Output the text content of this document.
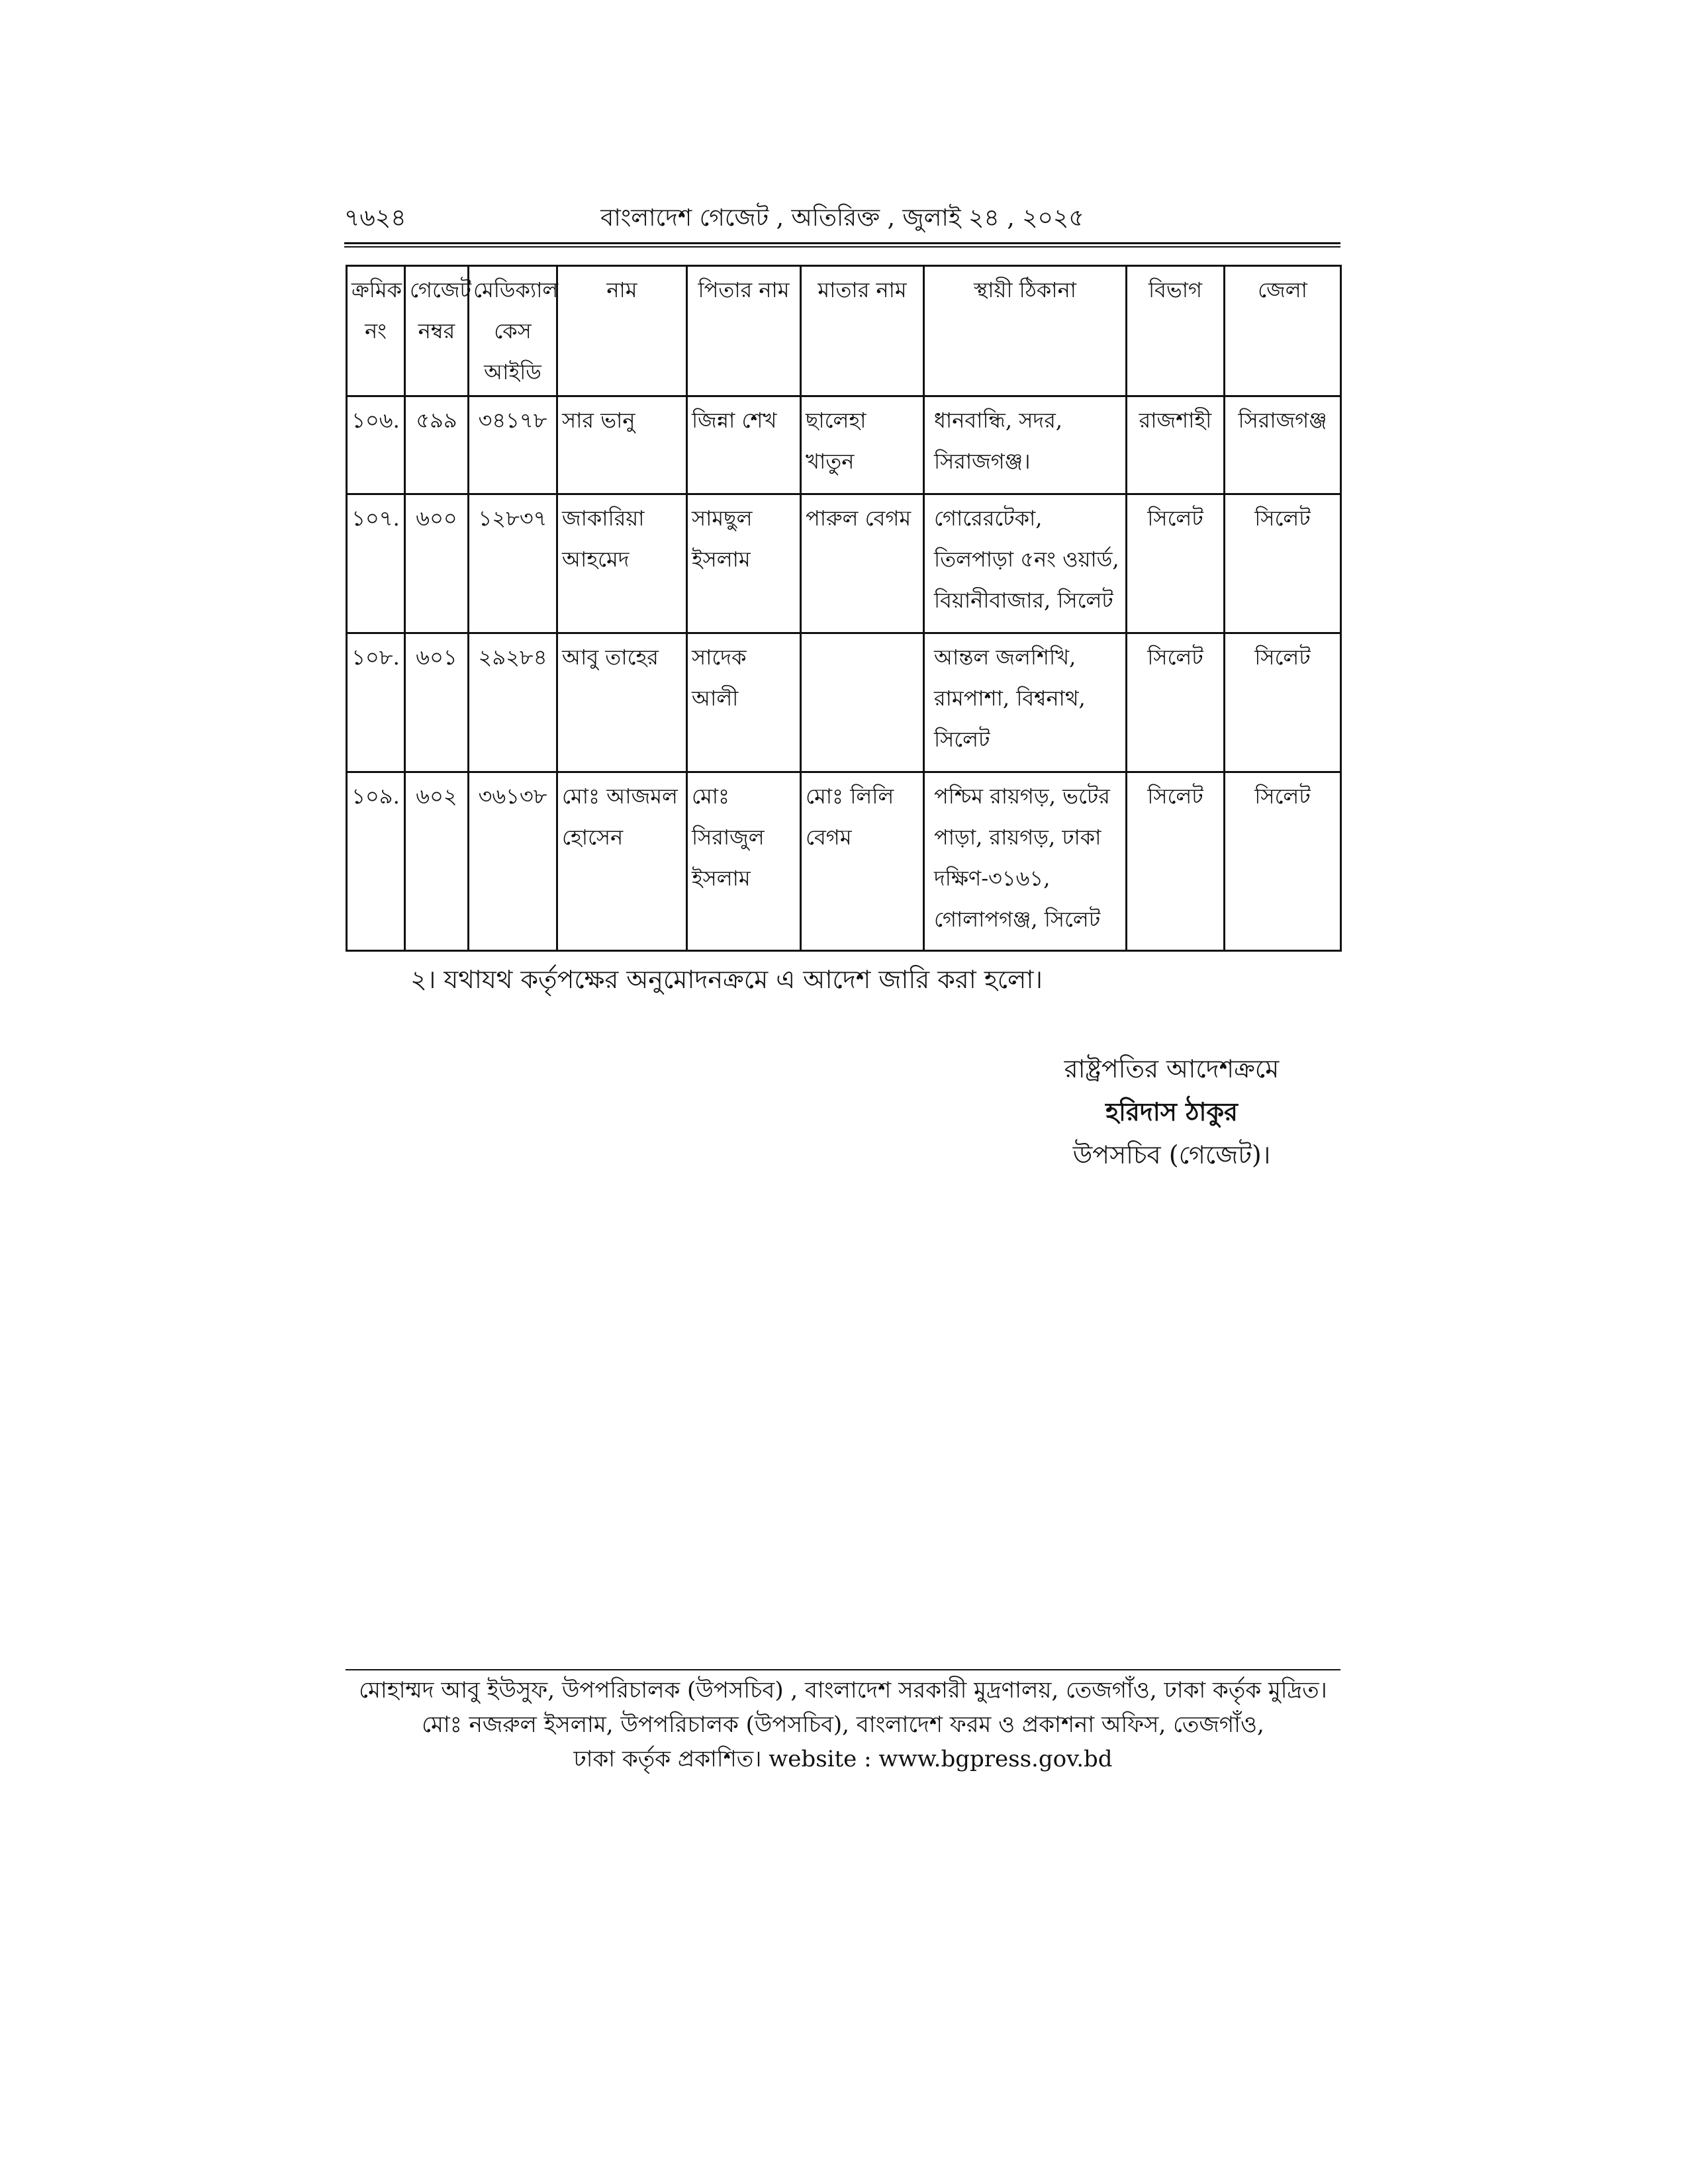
৭৬২৪	বাংলাদেশ গেজেট , অতিরিক্ত , জুলাই ২৪ , ২০২৫
ক্রমিক নং	গেজেট নম্বর	মেডিক্যাল কেস আইডি	নাম	পিতার নাম	মাতার নাম	স্থায়ী ঠিকানা	বিভাগ	জেলা
১০৬.	৫৯৯	৩৪১৭৮	সার ভানু	জিন্না শেখ	ছালেহা খাতুন	ধানবান্ধি, সদর, সিরাজগঞ্জ।	রাজশাহী	সিরাজগঞ্জ
১০৭.	৬০০	১২৮৩৭	জাকারিয়া আহমেদ	সামছুল ইসলাম	পারুল বেগম	গোরেরটেকা, তিলপাড়া ৫নং ওয়ার্ড, বিয়ানীবাজার, সিলেট	সিলেট	সিলেট
১০৮.	৬০১	২৯২৮৪	আবু তাহের	সাদেক আলী		আন্তল জলশিখি, রামপাশা, বিশ্বনাথ, সিলেট	সিলেট	সিলেট
১০৯.	৬০২	৩৬১৩৮	মোঃ আজমল হোসেন	মোঃ সিরাজুল ইসলাম	মোঃ লিলি বেগম	পশ্চিম রায়গড়, ভটের পাড়া, রায়গড়, ঢাকা দক্ষিণ-৩১৬১, গোলাপগঞ্জ, সিলেট	সিলেট	সিলেট
২। যথাযথ কর্তৃপক্ষের অনুমোদনক্রমে এ আদেশ জারি করা হলো।
রাষ্ট্রপতির আদেশক্রমে
হরিদাস ঠাকুর
উপসচিব (গেজেট)।
মোহাম্মদ আবু ইউসুফ, উপপরিচালক (উপসচিব) , বাংলাদেশ সরকারী মুদ্রণালয়, তেজগাঁও, ঢাকা কর্তৃক মুদ্রিত।
মোঃ নজরুল ইসলাম, উপপরিচালক (উপসচিব), বাংলাদেশ ফরম ও প্রকাশনা অফিস, তেজগাঁও,
ঢাকা কর্তৃক প্রকাশিত। website : www.bgpress.gov.bd
